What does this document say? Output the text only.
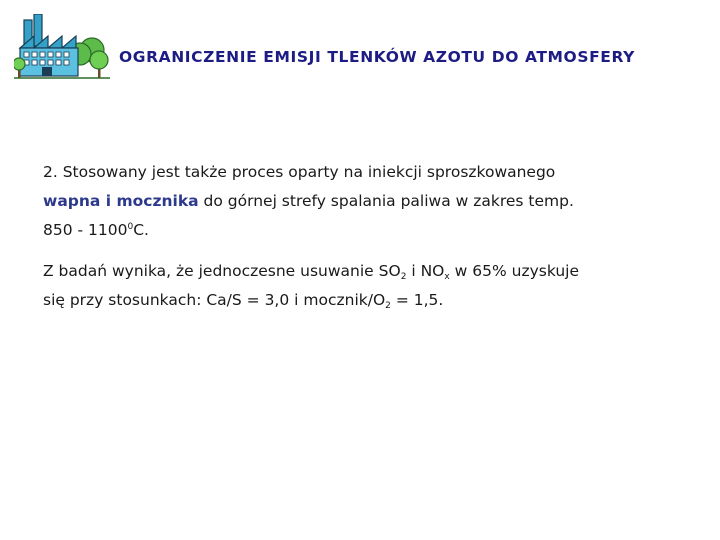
OGRANICZENIE EMISJI TLENKÓW AZOTU DO ATMOSFERY

2. Stosowany jest także proces oparty na iniekcji sproszkowanego
wapna i mocznika do górnej strefy spalania paliwa w zakres temp.
850 - 1100$^0$C.

Z badań wynika, że jednoczesne usuwanie $SO_2$ i $NO_x$ w 65% uzyskuje
się przy stosunkach: Ca/S = 3,0 i mocznik/$O_2 = 1,5$.
